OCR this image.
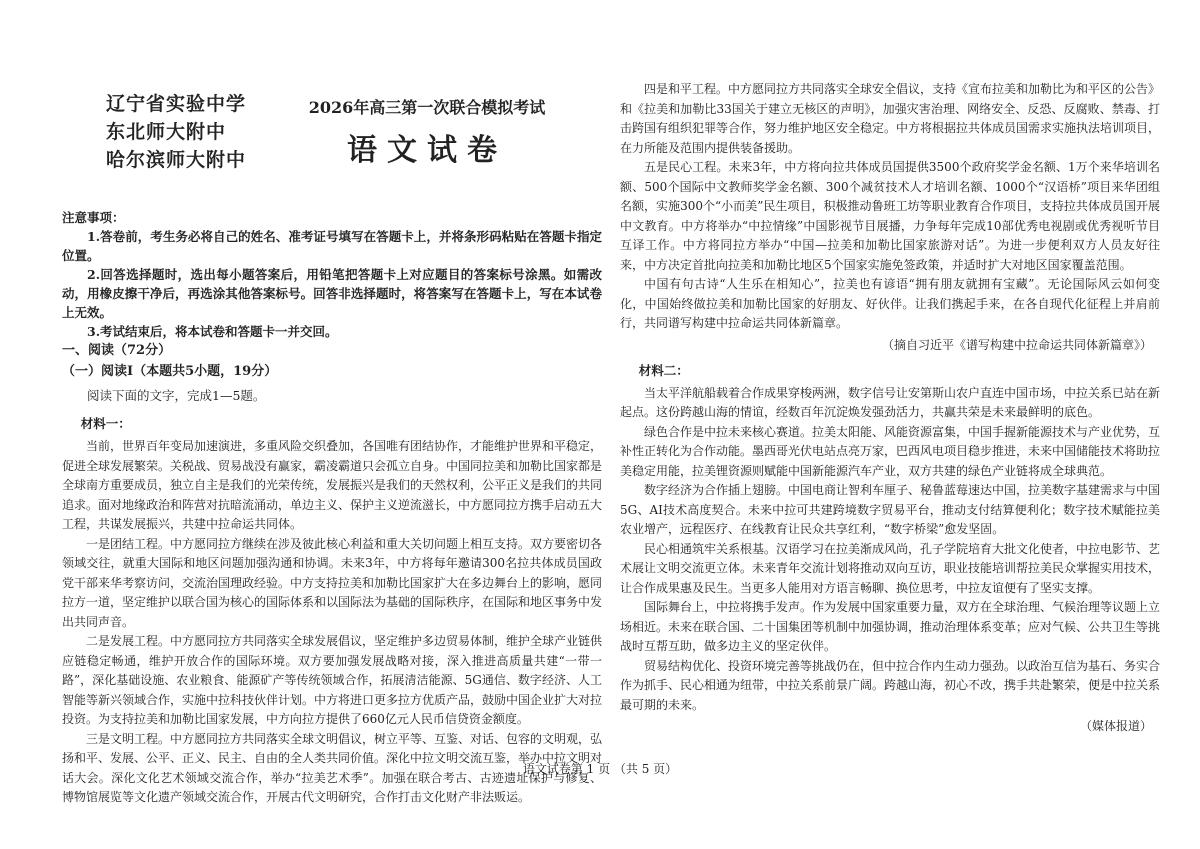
辽宁省实验中学
东北师大附中
哈尔滨师大附中
2026年高三第一次联合模拟考试
语文试卷

注意事项：

1.答卷前，考生务必将自己的姓名、准考证号填写在答题卡上，并将条形码粘贴在答题卡指定位置。

2.回答选择题时，选出每小题答案后，用铅笔把答题卡上对应题目的答案标号涂黑。如需改动，用橡皮擦干净后，再选涂其他答案标号。回答非选择题时，将答案写在答题卡上，写在本试卷上无效。

3.考试结束后，将本试卷和答题卡一并交回。

一、阅读（72分）

（一）阅读Ⅰ（本题共5小题，19分）

阅读下面的文字，完成1—5题。

材料一：

当前，世界百年变局加速演进，多重风险交织叠加，各国唯有团结协作，才能维护世界和平稳定，促进全球发展繁荣。关税战、贸易战没有赢家，霸凌霸道只会孤立自身。中国同拉美和加勒比国家都是全球南方重要成员，独立自主是我们的光荣传统，发展振兴是我们的天然权利，公平正义是我们的共同追求。面对地缘政治和阵营对抗暗流涌动，单边主义、保护主义逆流滋长，中方愿同拉方携手启动五大工程，共谋发展振兴，共建中拉命运共同体。

一是团结工程。中方愿同拉方继续在涉及彼此核心利益和重大关切问题上相互支持。双方要密切各领域交往，就重大国际和地区问题加强沟通和协调。未来3年，中方将每年邀请300名拉共体成员国政党干部来华考察访问，交流治国理政经验。中方支持拉美和加勒比国家扩大在多边舞台上的影响，愿同拉方一道，坚定维护以联合国为核心的国际体系和以国际法为基础的国际秩序，在国际和地区事务中发出共同声音。

二是发展工程。中方愿同拉方共同落实全球发展倡议，坚定维护多边贸易体制，维护全球产业链供应链稳定畅通，维护开放合作的国际环境。双方要加强发展战略对接，深入推进高质量共建“一带一路”，深化基础设施、农业粮食、能源矿产等传统领域合作，拓展清洁能源、5G通信、数字经济、人工智能等新兴领域合作，实施中拉科技伙伴计划。中方将进口更多拉方优质产品，鼓励中国企业扩大对拉投资。为支持拉美和加勒比国家发展，中方向拉方提供了660亿元人民币信贷资金额度。

三是文明工程。中方愿同拉方共同落实全球文明倡议，树立平等、互鉴、对话、包容的文明观，弘扬和平、发展、公平、正义、民主、自由的全人类共同价值。深化中拉文明交流互鉴，举办中拉文明对话大会。深化文化艺术领域交流合作，举办“拉美艺术季”。加强在联合考古、古迹遗址保护与修复、博物馆展览等文化遗产领域交流合作，开展古代文明研究，合作打击文化财产非法贩运。

四是和平工程。中方愿同拉方共同落实全球安全倡议，支持《宣布拉美和加勒比为和平区的公告》和《拉美和加勒比33国关于建立无核区的声明》，加强灾害治理、网络安全、反恐、反腐败、禁毒、打击跨国有组织犯罪等合作，努力维护地区安全稳定。中方将根据拉共体成员国需求实施执法培训项目，在力所能及范围内提供装备援助。

五是民心工程。未来3年，中方将向拉共体成员国提供3500个政府奖学金名额、1万个来华培训名额、500个国际中文教师奖学金名额、300个减贫技术人才培训名额、1000个“汉语桥”项目来华团组名额，实施300个“小而美”民生项目，积极推动鲁班工坊等职业教育合作项目，支持拉共体成员国开展中文教育。中方将举办“中拉情缘”中国影视节目展播，力争每年完成10部优秀电视剧或优秀视听节目互译工作。中方将同拉方举办“中国—拉美和加勒比国家旅游对话”。为进一步便利双方人员友好往来，中方决定首批向拉美和加勒比地区5个国家实施免签政策，并适时扩大对地区国家覆盖范围。

中国有句古诗“人生乐在相知心”，拉美也有谚语“拥有朋友就拥有宝藏”。无论国际风云如何变化，中国始终做拉美和加勒比国家的好朋友、好伙伴。让我们携起手来，在各自现代化征程上并肩前行，共同谱写构建中拉命运共同体新篇章。

（摘自习近平《谱写构建中拉命运共同体新篇章》）

材料二：

当太平洋航船载着合作成果穿梭两洲，数字信号让安第斯山农户直连中国市场，中拉关系已站在新起点。这份跨越山海的情谊，经数百年沉淀焕发强劲活力，共赢共荣是未来最鲜明的底色。

绿色合作是中拉未来核心赛道。拉美太阳能、风能资源富集，中国手握新能源技术与产业优势，互补性正转化为合作动能。墨西哥光伏电站点亮万家，巴西风电项目稳步推进，未来中国储能技术将助拉美稳定用能，拉美锂资源则赋能中国新能源汽车产业，双方共建的绿色产业链将成全球典范。

数字经济为合作插上翅膀。中国电商让智利车厘子、秘鲁蓝莓速达中国，拉美数字基建需求与中国5G、AI技术高度契合。未来中拉可共建跨境数字贸易平台，推动支付结算便利化；数字技术赋能拉美农业增产，远程医疗、在线教育让民众共享红利，“数字桥梁”愈发坚固。

民心相通筑牢关系根基。汉语学习在拉美渐成风尚，孔子学院培育大批文化使者，中拉电影节、艺术展让文明交流更立体。未来青年交流计划将推动双向互访，职业技能培训帮拉美民众掌握实用技术，让合作成果惠及民生。当更多人能用对方语言畅聊、换位思考，中拉友谊便有了坚实支撑。

国际舞台上，中拉将携手发声。作为发展中国家重要力量，双方在全球治理、气候治理等议题上立场相近。未来在联合国、二十国集团等机制中加强协调，推动治理体系变革；应对气候、公共卫生等挑战时互帮互助，做多边主义的坚定伙伴。

贸易结构优化、投资环境完善等挑战仍在，但中拉合作内生动力强劲。以政治互信为基石、务实合作为抓手、民心相通为纽带，中拉关系前景广阔。跨越山海，初心不改，携手共赴繁荣，便是中拉关系最可期的未来。

（媒体报道）

语文试卷第 1 页 （共 5 页）
